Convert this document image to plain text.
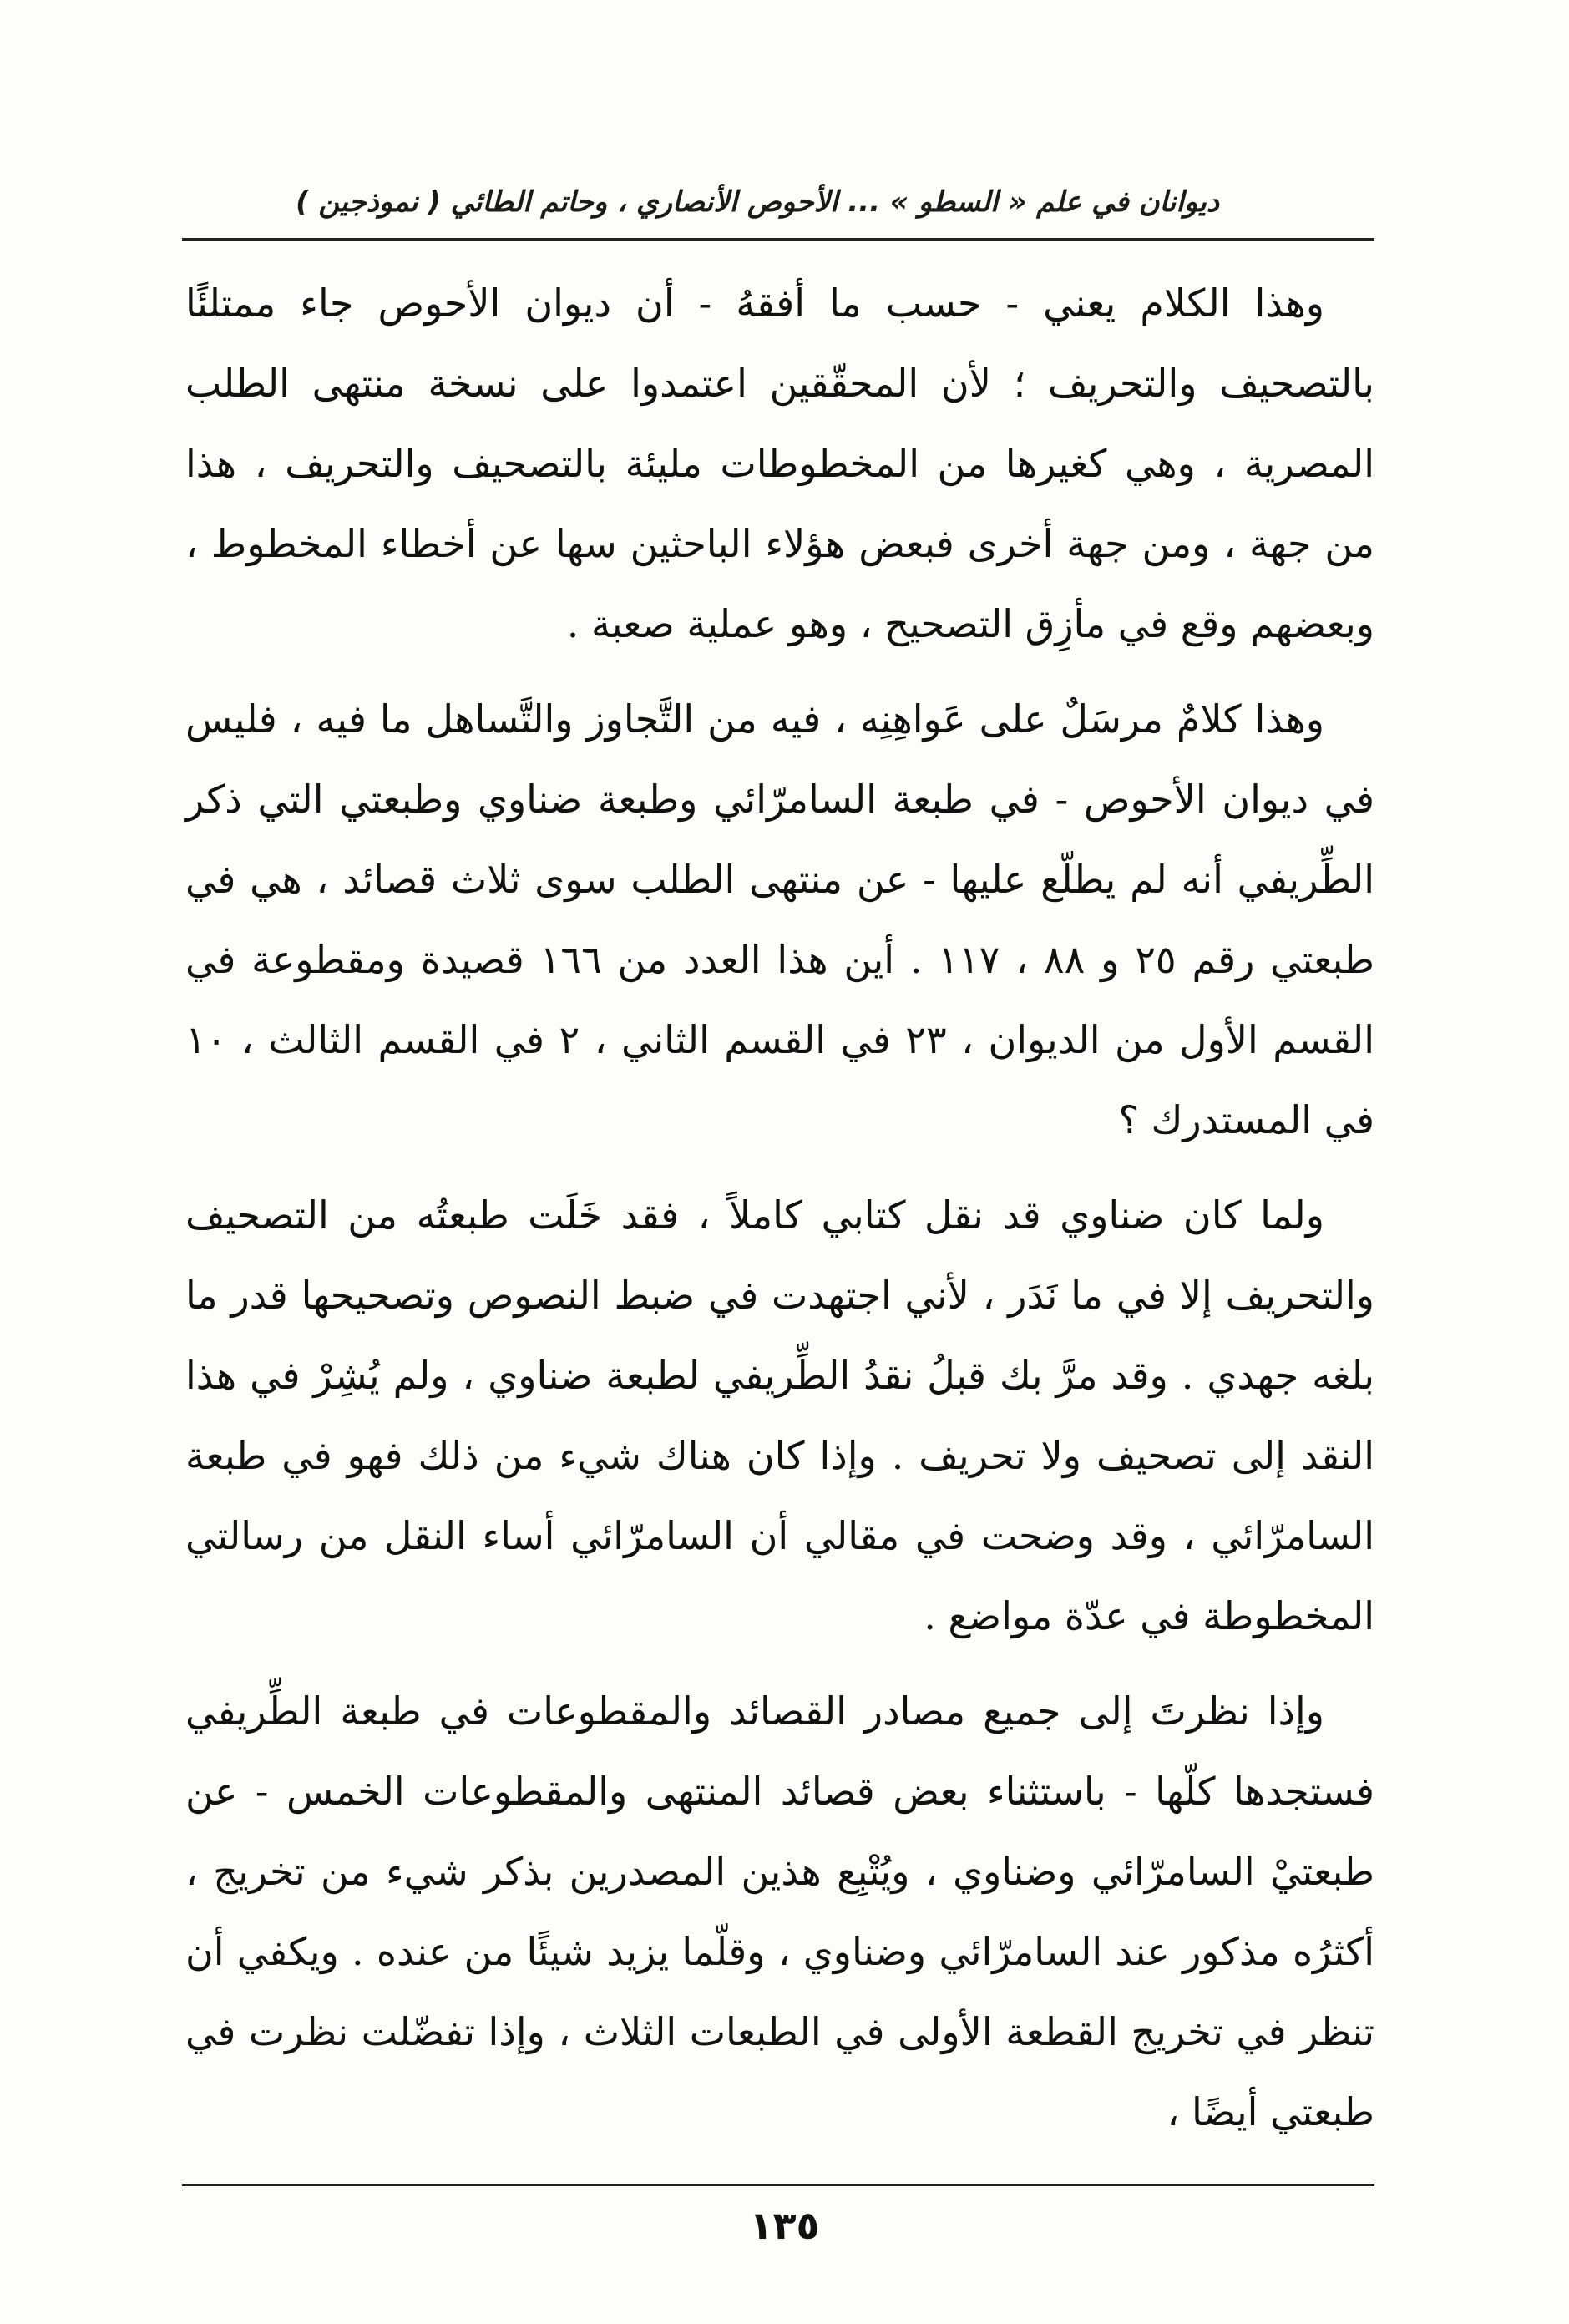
ديوانان في علم « السطو » ... الأحوص الأنصاري ، وحاتم الطائي ( نموذجين )

وهذا الكلام يعني - حسب ما أفقهُ - أن ديوان الأحوص جاء ممتلئًا بالتصحيف والتحريف ؛ لأن المحقّقين اعتمدوا على نسخة منتهى الطلب المصرية ، وهي كغيرها من المخطوطات مليئة بالتصحيف والتحريف ، هذا من جهة ، ومن جهة أخرى فبعض هؤلاء الباحثين سها عن أخطاء المخطوط ، وبعضهم وقع في مأزِق التصحيح ، وهو عملية صعبة .

وهذا كلامٌ مرسَلٌ على عَواهِنِه ، فيه من التَّجاوز والتَّساهل ما فيه ، فليس في ديوان الأحوص - في طبعة السامرّائي وطبعة ضناوي وطبعتي التي ذكر الطِّريفي أنه لم يطلّع عليها - عن منتهى الطلب سوى ثلاث قصائد ، هي في طبعتي رقم ٢٥ و ٨٨ ، ١١٧ . أين هذا العدد من ١٦٦ قصيدة ومقطوعة في القسم الأول من الديوان ، ٢٣ في القسم الثاني ، ٢ في القسم الثالث ، ١٠ في المستدرك ؟

ولما كان ضناوي قد نقل كتابي كاملاً ، فقد خَلَت طبعتُه من التصحيف والتحريف إلا في ما نَدَر ، لأني اجتهدت في ضبط النصوص وتصحيحها قدر ما بلغه جهدي . وقد مرَّ بك قبلُ نقدُ الطِّريفي لطبعة ضناوي ، ولم يُشِرْ في هذا النقد إلى تصحيف ولا تحريف . وإذا كان هناك شيء من ذلك فهو في طبعة السامرّائي ، وقد وضحت في مقالي أن السامرّائي أساء النقل من رسالتي المخطوطة في عدّة مواضع .

وإذا نظرتَ إلى جميع مصادر القصائد والمقطوعات في طبعة الطِّريفي فستجدها كلّها - باستثناء بعض قصائد المنتهى والمقطوعات الخمس - عن طبعتيْ السامرّائي وضناوي ، ويُتْبِع هذين المصدرين بذكر شيء من تخريج ، أكثرُه مذكور عند السامرّائي وضناوي ، وقلّما يزيد شيئًا من عنده . ويكفي أن تنظر في تخريج القطعة الأولى في الطبعات الثلاث ، وإذا تفضّلت نظرت في طبعتي أيضًا ،

١٣٥
